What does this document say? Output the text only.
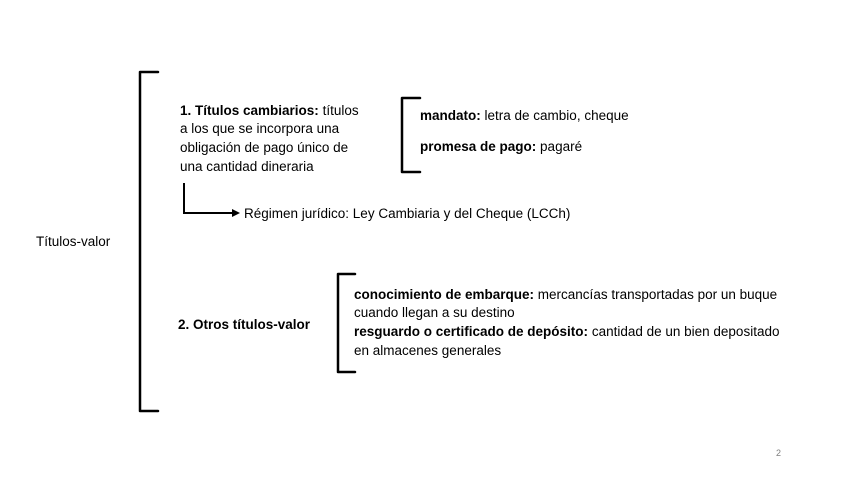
Títulos-valor
1. Títulos cambiarios: títulos
a los que se incorpora una
obligación de pago único de
una cantidad dineraria
mandato: letra de cambio, cheque
promesa de pago: pagaré
Régimen jurídico: Ley Cambiaria y del Cheque (LCCh)
2. Otros títulos-valor
conocimiento de embarque: mercancías transportadas por un buque
cuando llegan a su destino
resguardo o certificado de depósito: cantidad de un bien depositado
en almacenes generales
2
